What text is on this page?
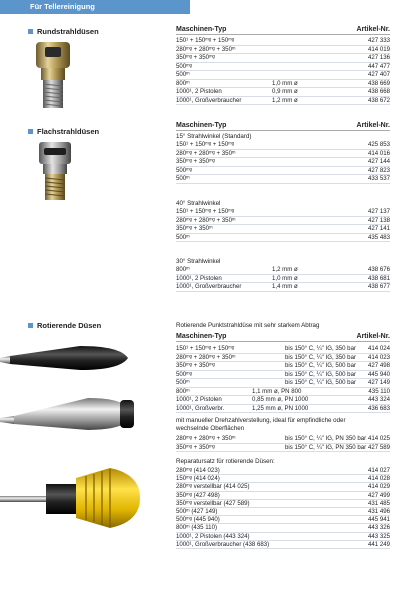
Für Tellereinigung
Rundstrahldüsen	Maschinen-Typ	Artikel-Nr.
150¹ + 150ᵐᵍ + 150ᵐᵍ	427 333
280ᵐᵍ + 280ᵐᵍ + 350ᵐ	414 019
350ᵐᵍ + 350ᵐᵍ	427 136
500ᵐᵍ	447 477
500ᵐ	427 407
800ᵐ	1,0 mm ø	438 669
1000¹, 2 Pistolen	0,9 mm ø	438 668
1000¹, Großverbraucher	1,2 mm ø	438 672
Flachstrahldüsen
Maschinen-Typ	Artikel-Nr.
15° Strahlwinkel (Standard)
150¹ + 150ᵐᵍ + 150ᵐᵍ	425 853
280ᵐᵍ + 280ᵐᵍ + 350ᵐ	414 016
350ᵐᵍ + 350ᵐᵍ	427 144
500ᵐᵍ	427 823
500ᵐ	433 537
40° Strahlwinkel
150¹ + 150ᵐᵍ + 150ᵐᵍ	427 137
280ᵐᵍ + 280ᵐᵍ + 350ᵐ	427 138
350ᵐᵍ + 350ᵐ	427 141
500ᵐ	435 483
30° Strahlwinkel
800ᵐ	1,2 mm ø	438 676
1000¹, 2 Pistolen	1,0 mm ø	438 681
1000¹, Großverbraucher	1,4 mm ø	438 677
Rotierende Düsen	Rotierende Punktstrahldüse mit sehr starkem Abtrag
Maschinen-Typ	Artikel-Nr.
150¹ + 150ᵐᵍ + 150ᵐᵍ	bis 150° C, ¼" IG, 350 bar 414 024
280ᵐᵍ + 280ᵐᵍ + 350ᵐ	bis 150° C, ¼" IG, 350 bar 414 023
350ᵐᵍ + 350ᵐᵍ	bis 150° C, ¼" IG, 500 bar 427 498
500ᵐᵍ	bis 150° C, ¼" IG, 500 bar 445 940
500ᵐ	bis 150° C, ¼" IG, 500 bar 427 149
800ᵐ	1,1 mm ø, PN 800	435 110
1000¹, 2 Pistolen	0,85 mm ø, PN 1000	443 324
1000¹, Großverbr.	1,25 mm ø, PN 1000	436 683
mit manueller Drehzahlverstellung, ideal für empfindliche oder wechselnde Oberflächen
280ᵐᵍ + 280ᵐᵍ + 350ᵐ	bis 150° C, ¼" IG, PN 350 bar 414 025
350ᵐᵍ + 350ᵐᵍ	bis 150° C, ¼" IG, PN 350 bar 427 589
Reparatursatz für rotierende Düsen:
280ᵐᵍ (414 023)	414 027
150ᵐᵍ (414 024)	414 028
280ᵐᵍ verstellbar (414 025)	414 029
350ᵐᵍ (427 498)	427 499
350ᵐᵍ verstellbar (427 589)	431 485
500ᵐ (427 149)	431 496
500ᵐᵍ (445 940)	445 941
800ᵐ (435 110)	443 326
1000¹, 2 Pistolen (443 324)	443 325
1000¹, Großverbraucher (438 683)	441 249
